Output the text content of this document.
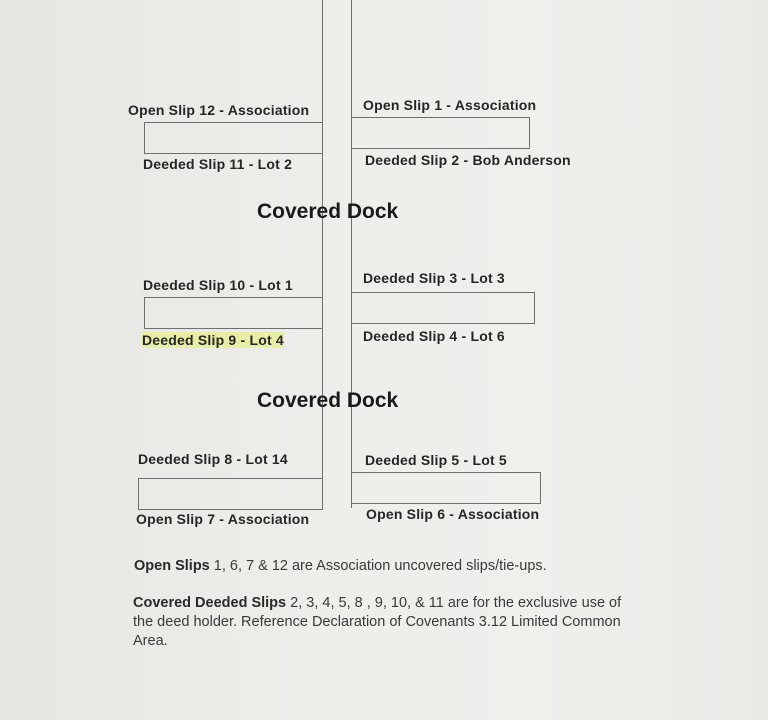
Open Slip 12 - Association	Open Slip 1 - Association
Deeded Slip 11 - Lot 2	Deeded Slip 2 - Bob Anderson
Covered Dock
Deeded Slip 10 - Lot 1	Deeded Slip 3 - Lot 3
Deeded Slip 9 - Lot 4	Deeded Slip 4 - Lot 6
Covered Dock
Deeded Slip 8 - Lot 14	Deeded Slip 5 - Lot 5
Open Slip 7 - Association	Open Slip 6 - Association
Open Slips 1, 6, 7 & 12 are Association uncovered slips/tie-ups.
Covered Deeded Slips 2, 3, 4, 5, 8 , 9, 10, & 11 are for the exclusive use of the deed holder. Reference Declaration of Covenants 3.12 Limited Common Area.
